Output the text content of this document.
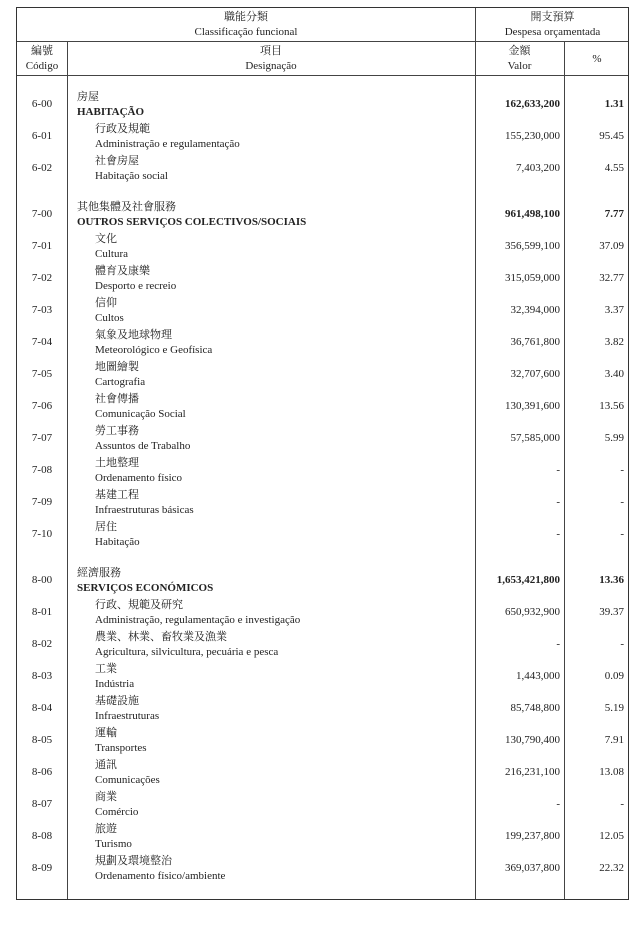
職能分類
Classificação funcional
開支預算
Despesa orçamentada
編號
Código
項目
Designação
金額
Valor
%
6-00
房屋
HABITAÇÃO
162,633,200	1.31
6-01
行政及規範
Administração e regulamentação
155,230,000	95.45
6-02
社會房屋
Habitação social
7,403,200	4.55
7-00
其他集體及社會服務
OUTROS SERVIÇOS COLECTIVOS/SOCIAIS
961,498,100	7.77
7-01
文化
Cultura
356,599,100	37.09
7-02
體育及康樂
Desporto e recreio
315,059,000	32.77
7-03
信仰
Cultos
32,394,000	3.37
7-04
氣象及地球物理
Meteorológico e Geofísica
36,761,800	3.82
7-05
地圖繪製
Cartografia
32,707,600	3.40
7-06
社會傳播
Comunicação Social
130,391,600	13.56
7-07
勞工事務
Assuntos de Trabalho
57,585,000	5.99
7-08
土地整理
Ordenamento físico
-	-
7-09
基建工程
Infraestruturas básicas
-	-
7-10
居住
Habitação
-	-
8-00
經濟服務
SERVIÇOS ECONÓMICOS
1,653,421,800	13.36
8-01
行政、規範及研究
Administração, regulamentação e investigação
650,932,900	39.37
8-02
農業、林業、畜牧業及漁業
Agricultura, silvicultura, pecuária e pesca
-	-
8-03
工業
Indústria
1,443,000	0.09
8-04
基礎設施
Infraestruturas
85,748,800	5.19
8-05
運輸
Transportes
130,790,400	7.91
8-06
通訊
Comunicações
216,231,100	13.08
8-07
商業
Comércio
-	-
8-08
旅遊
Turismo
199,237,800	12.05
8-09
規劃及環境整治
Ordenamento físico/ambiente
369,037,800	22.32
